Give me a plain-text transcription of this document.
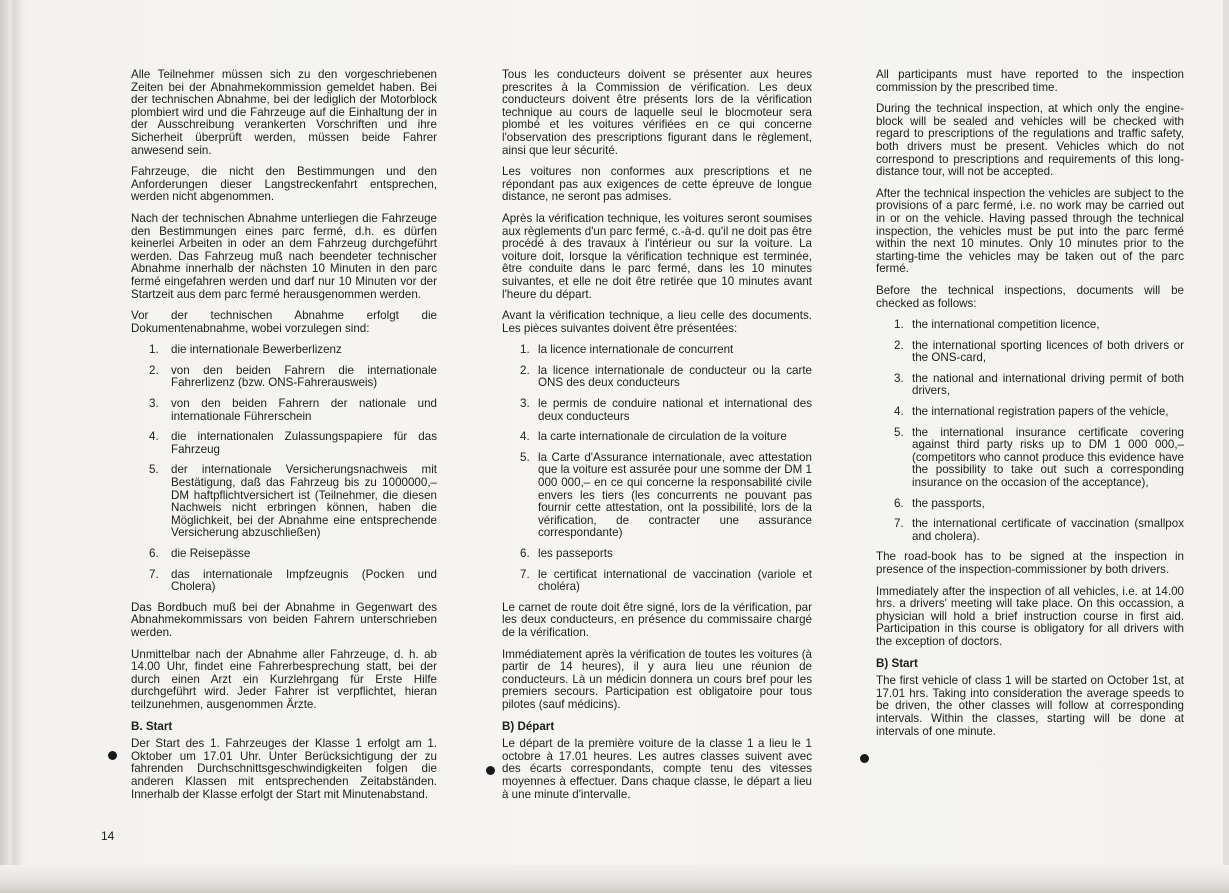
Alle Teilnehmer müssen sich zu den vorgeschriebenen Zeiten bei der Abnahmekommission gemeldet haben. Bei der technischen Abnahme, bei der lediglich der Motorblock plombiert wird und die Fahrzeuge auf die Einhaltung der in der Ausschreibung verankerten Vorschriften und ihre Sicherheit überprüft werden, müssen beide Fahrer anwesend sein.

Fahrzeuge, die nicht den Bestimmungen und den Anforderungen dieser Langstreckenfahrt entsprechen, werden nicht abgenommen.

Nach der technischen Abnahme unterliegen die Fahrzeuge den Bestimmungen eines parc fermé, d.h. es dürfen keinerlei Arbeiten in oder an dem Fahrzeug durchgeführt werden. Das Fahrzeug muß nach beendeter technischer Abnahme innerhalb der nächsten 10 Minuten in den parc fermé eingefahren werden und darf nur 10 Minuten vor der Startzeit aus dem parc fermé herausgenommen werden.

Vor der technischen Abnahme erfolgt die Dokumentenabnahme, wobei vorzulegen sind:

1.	die internationale Bewerberlizenz
2.	von den beiden Fahrern die internationale Fahrerlizenz (bzw. ONS-Fahrerausweis)
3.	von den beiden Fahrern der nationale und internationale Führerschein
4.	die internationalen Zulassungspapiere für das Fahrzeug
5.	der internationale Versicherungsnachweis mit Bestätigung, daß das Fahrzeug bis zu 1000000,– DM haftpflichtversichert ist (Teilnehmer, die diesen Nachweis nicht erbringen können, haben die Möglichkeit, bei der Abnahme eine entsprechende Versicherung abzuschließen)
6.	die Reisepässe
7.	das internationale Impfzeugnis (Pocken und Cholera)

Das Bordbuch muß bei der Abnahme in Gegenwart des Abnahmekommissars von beiden Fahrern unterschrieben werden.

Unmittelbar nach der Abnahme aller Fahrzeuge, d. h. ab 14.00 Uhr, findet eine Fahrerbesprechung statt, bei der durch einen Arzt ein Kurzlehrgang für Erste Hilfe durchgeführt wird. Jeder Fahrer ist verpflichtet, hieran teilzunehmen, ausgenommen Ärzte.

B. Start

Der Start des 1. Fahrzeuges der Klasse 1 erfolgt am 1. Oktober um 17.01 Uhr. Unter Berücksichtigung der zu fahrenden Durchschnittsgeschwindigkeiten folgen die anderen Klassen mit entsprechenden Zeitabständen. Innerhalb der Klasse erfolgt der Start mit Minutenabstand.

Tous les conducteurs doivent se présenter aux heures prescrites à la Commission de vérification. Les deux conducteurs doivent être présents lors de la vérification technique au cours de laquelle seul le blocmoteur sera plombé et les voitures vérifiées en ce qui concerne l'observation des prescriptions figurant dans le règlement, ainsi que leur sécurité.

Les voitures non conformes aux prescriptions et ne répondant pas aux exigences de cette épreuve de longue distance, ne seront pas admises.

Après la vérification technique, les voitures seront soumises aux règlements d'un parc fermé, c.-à-d. qu'il ne doit pas être procédé à des travaux à l'intérieur ou sur la voiture. La voiture doit, lorsque la vérification technique est terminée, être conduite dans le parc fermé, dans les 10 minutes suivantes, et elle ne doit être retirée que 10 minutes avant l'heure du départ.

Avant la vérification technique, a lieu celle des documents. Les pièces suivantes doivent être présentées:

1. la licence internationale de concurrent
2. la licence internationale de conducteur ou la carte ONS des deux conducteurs
3. le permis de conduire national et international des deux conducteurs
4. la carte internationale de circulation de la voiture
5. la Carte d'Assurance internationale, avec attestation que la voiture est assurée pour une somme der DM 1 000 000,– en ce qui concerne la responsabilité civile envers les tiers (les concurrents ne pouvant pas fournir cette attestation, ont la possibilité, lors de la vérification, de contracter une assurance correspondante)
6. les passeports
7. le certificat international de vaccination (variole et choléra)

Le carnet de route doit être signé, lors de la vérification, par les deux conducteurs, en présence du commissaire chargé de la vérification.

Immédiatement après la vérification de toutes les voitures (à partir de 14 heures), il y aura lieu une réunion de conducteurs. Là un médicin donnera un cours bref pour les premiers secours. Participation est obligatoire pour tous pilotes (sauf médicins).

B) Départ

Le départ de la première voiture de la classe 1 a lieu le 1 octobre à 17.01 heures. Les autres classes suivent avec des écarts correspondants, compte tenu des vitesses moyennes à effectuer. Dans chaque classe, le départ a lieu à une minute d'intervalle.

All participants must have reported to the inspection commission by the prescribed time.

During the technical inspection, at which only the engine-block will be sealed and vehicles will be checked with regard to prescriptions of the regulations and traffic safety, both drivers must be present. Vehicles which do not correspond to prescriptions and requirements of this long-distance tour, will not be accepted.

After the technical inspection the vehicles are subject to the provisions of a parc fermé, i.e. no work may be carried out in or on the vehicle. Having passed through the technical inspection, the vehicles must be put into the parc fermé within the next 10 minutes. Only 10 minutes prior to the starting-time the vehicles may be taken out of the parc fermé.

Before the technical inspections, documents will be checked as follows:

1. the international competition licence,
2. the international sporting licences of both drivers or the ONS-card,
3. the national and international driving permit of both drivers,
4. the international registration papers of the vehicle,
5. the international insurance certificate covering against third party risks up to DM 1 000 000,– (competitors who cannot produce this evidence have the possibility to take out such a corresponding insurance on the occasion of the acceptance),
6. the passports,
7. the international certificate of vaccination (smallpox and cholera).

The road-book has to be signed at the inspection in presence of the inspection-commissioner by both drivers.

Immediately after the inspection of all vehicles, i.e. at 14.00 hrs. a drivers' meeting will take place. On this occassion, a physician will hold a brief instruction course in first aid. Participation in this course is obligatory for all drivers with the exception of doctors.

B) Start

The first vehicle of class 1 will be started on October 1st, at 17.01 hrs. Taking into consideration the average speeds to be driven, the other classes will follow at corresponding intervals. Within the classes, starting will be done at intervals of one minute.

14
